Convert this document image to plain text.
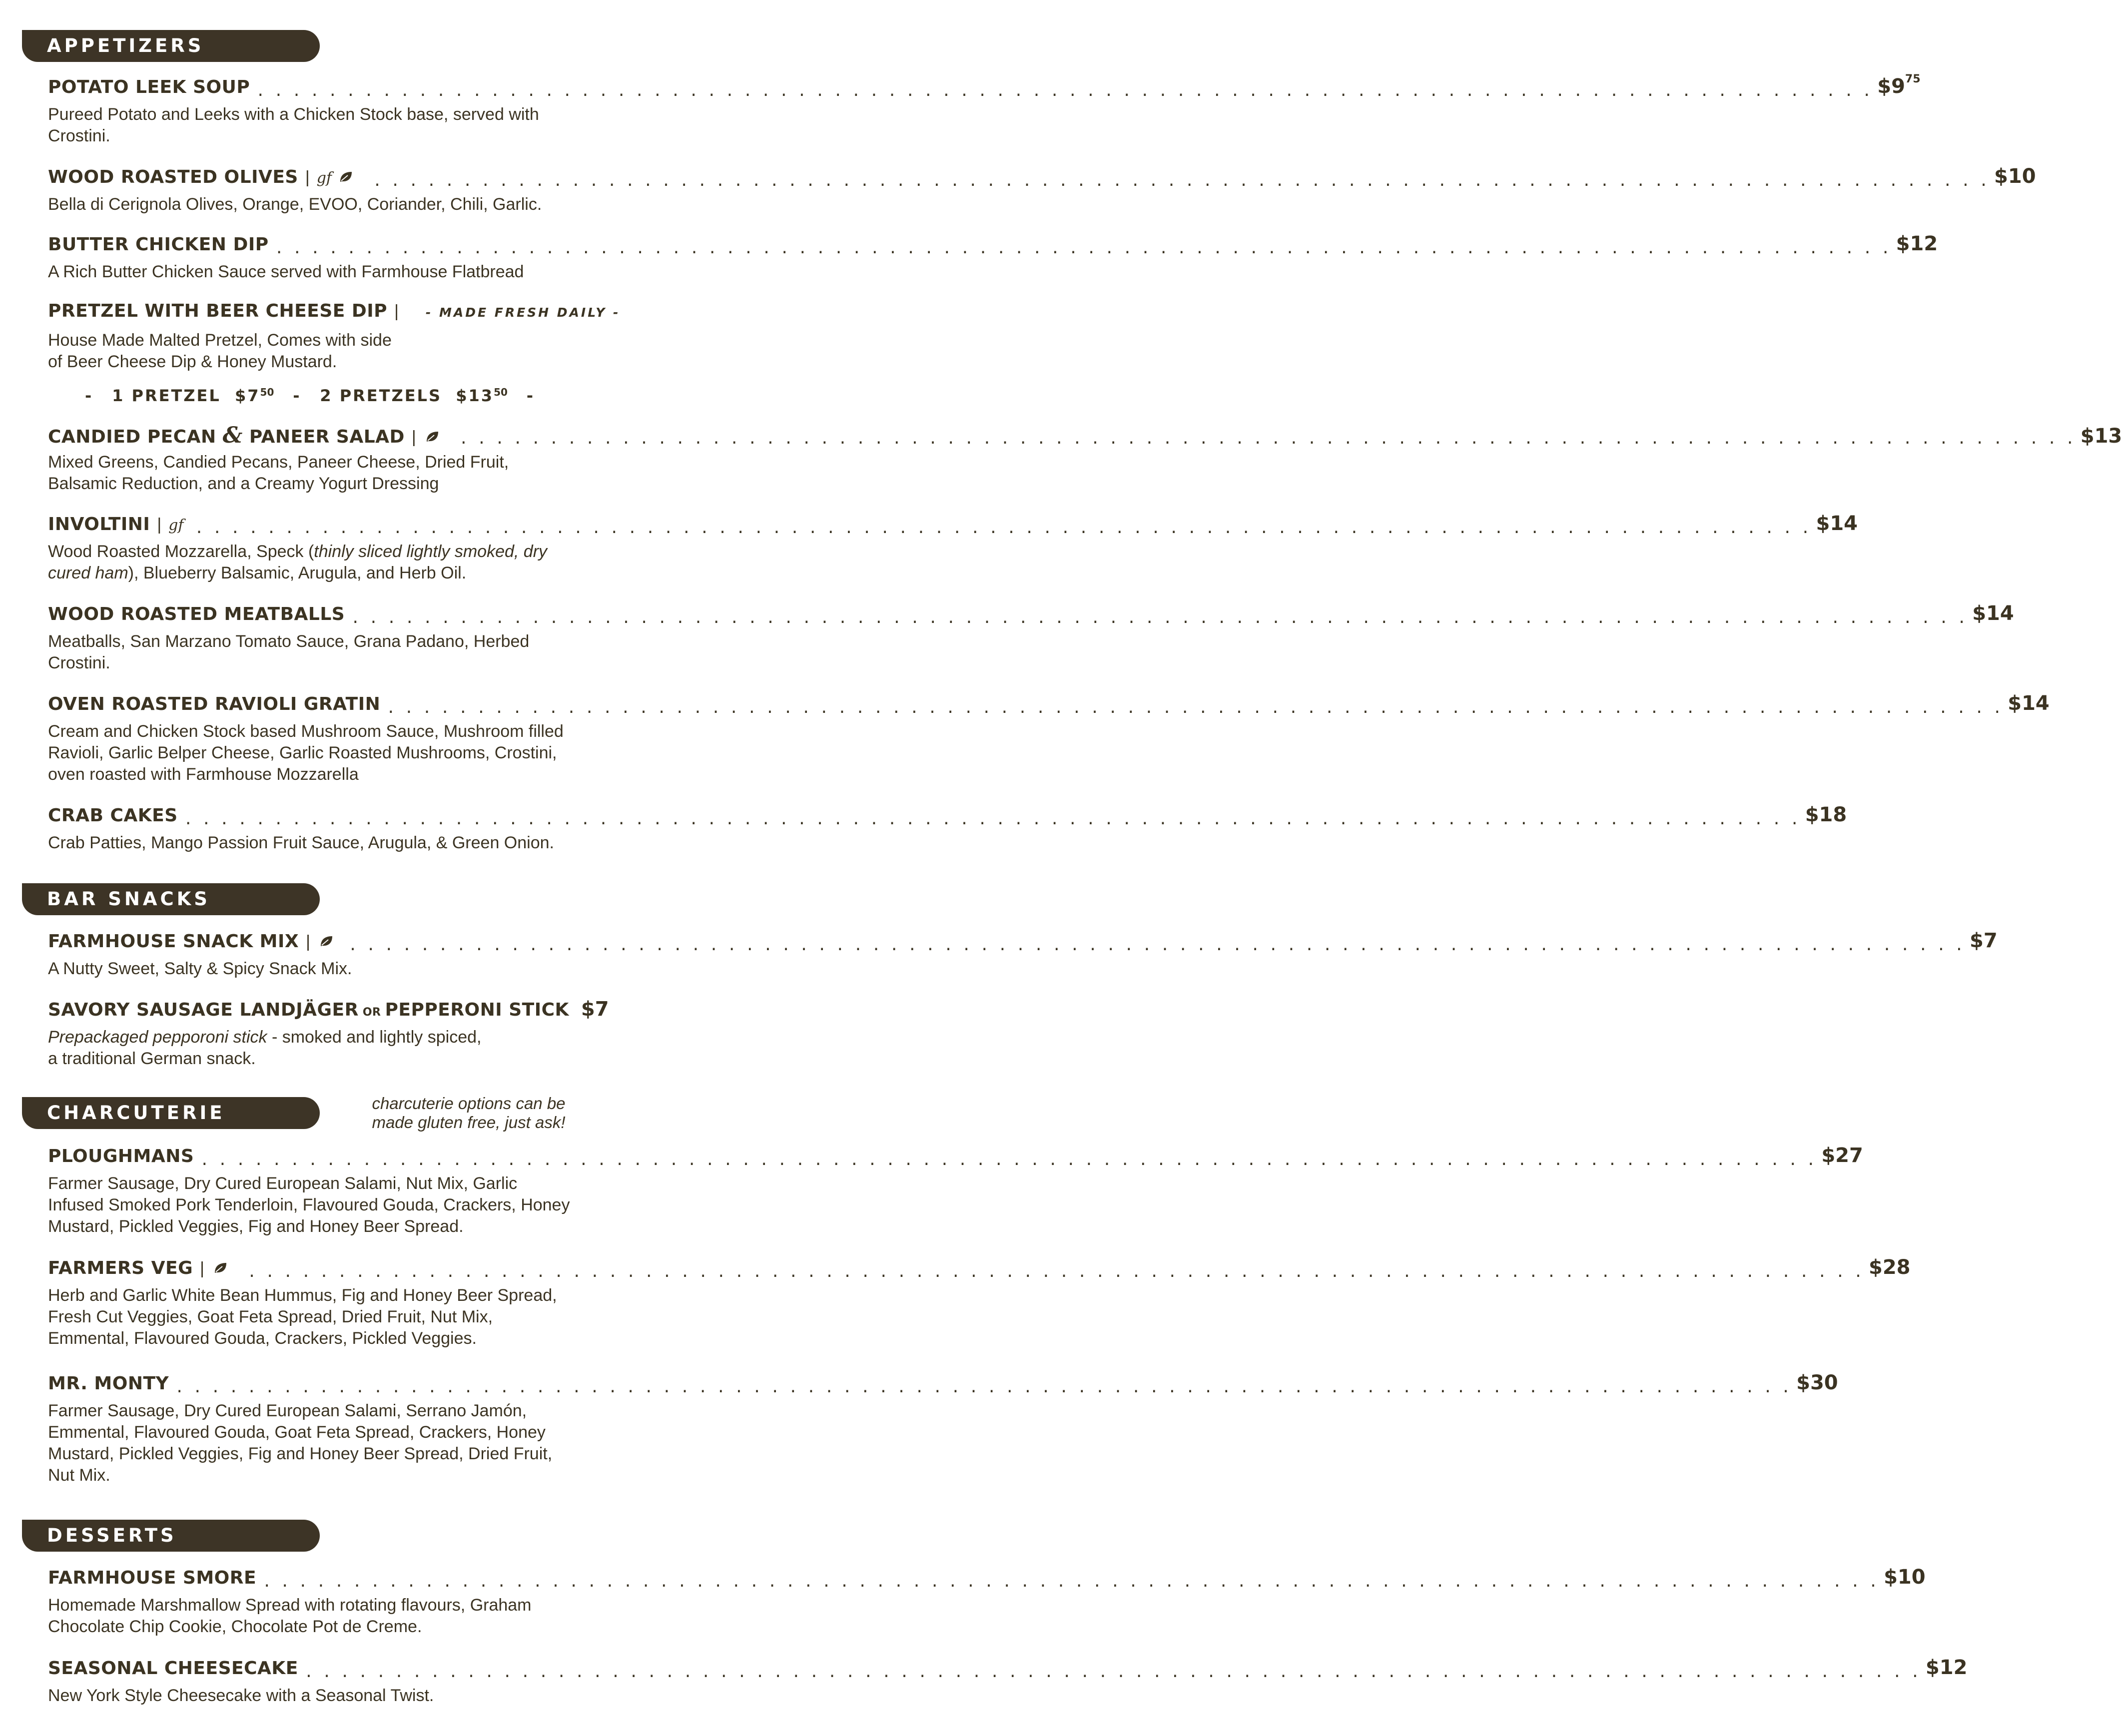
APPETIZERS
POTATO LEEK SOUP . . .	$\$9^{75}$
Pureed Potato and Leeks with a Chicken Stock base, served with Crostini.
WOOD ROASTED OLIVES | gf . . .	$10
Bella di Cerignola Olives, Orange, EVOO, Coriander, Chili, Garlic.
BUTTER CHICKEN DIP . . .	$12
A Rich Butter Chicken Sauce served with Farmhouse Flatbread
PRETZEL WITH BEER CHEESE DIP | - MADE FRESH DAILY -
House Made Malted Pretzel, Comes with side
of Beer Cheese Dip & Honey Mustard.
- 1 PRETZEL $\$7^{50} - 2$ PRETZELS $\$13^{50}$ -
CANDIED PECAN & PANEER SALAD | . . .	$13
Mixed Greens, Candied Pecans, Paneer Cheese, Dried Fruit, Balsamic Reduction, and a Creamy Yogurt Dressing
INVOLTINI | gf . . .	$14
Wood Roasted Mozzarella, Speck (thinly sliced lightly smoked, dry cured ham), Blueberry Balsamic, Arugula, and Herb Oil.
WOOD ROASTED MEATBALLS . . .	$14
Meatballs, San Marzano Tomato Sauce, Grana Padano, Herbed Crostini.
OVEN ROASTED RAVIOLI GRATIN . . .	$14
Cream and Chicken Stock based Mushroom Sauce, Mushroom filled Ravioli, Garlic Belper Cheese, Garlic Roasted Mushrooms, Crostini, oven roasted with Farmhouse Mozzarella
CRAB CAKES . . .	$18
Crab Patties, Mango Passion Fruit Sauce, Arugula, & Green Onion.
BAR SNACKS
FARMHOUSE SNACK MIX | . . .	$7
A Nutty Sweet, Salty & Spicy Snack Mix.
SAVORY SAUSAGE LANDJÄGER OR PEPPERONI STICK $7
Prepackaged pepporoni stick - smoked and lightly spiced,
a traditional German snack.
CHARCUTERIE	charcuterie options can be made gluten free, just ask!
PLOUGHMANS . . .	$27
Farmer Sausage, Dry Cured European Salami, Nut Mix, Garlic Infused Smoked Pork Tenderloin, Flavoured Gouda, Crackers, Honey Mustard, Pickled Veggies, Fig and Honey Beer Spread.
FARMERS VEG | . . .	$28
Herb and Garlic White Bean Hummus, Fig and Honey Beer Spread, Fresh Cut Veggies, Goat Feta Spread, Dried Fruit, Nut Mix, Emmental, Flavoured Gouda, Crackers, Pickled Veggies.
MR. MONTY . . .	$30
Farmer Sausage, Dry Cured European Salami, Serrano Jamón, Emmental, Flavoured Gouda, Goat Feta Spread, Crackers, Honey Mustard, Pickled Veggies, Fig and Honey Beer Spread, Dried Fruit, Nut Mix.
DESSERTS
FARMHOUSE SMORE . . .	$10
Homemade Marshmallow Spread with rotating flavours, Graham Chocolate Chip Cookie, Chocolate Pot de Creme.
SEASONAL CHEESECAKE . . .	$12
New York Style Cheesecake with a Seasonal Twist.
